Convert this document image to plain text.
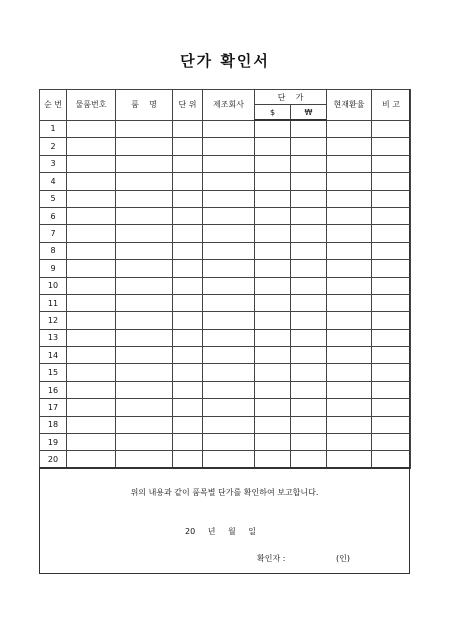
단가 확인서
순 번	물품번호	품    명	단 위	제조회사	단    가		현재환율	비 고
					$	₩		
1								
2								
3								
4								
5								
6								
7								
8								
9								
10								
11								
12								
13								
14								
15								
16								
17								
18								
19								
20								
위의 내용과 같이 품목별 단가를 확인하여 보고합니다.
20 년 월 일
확인자 :	(인)
